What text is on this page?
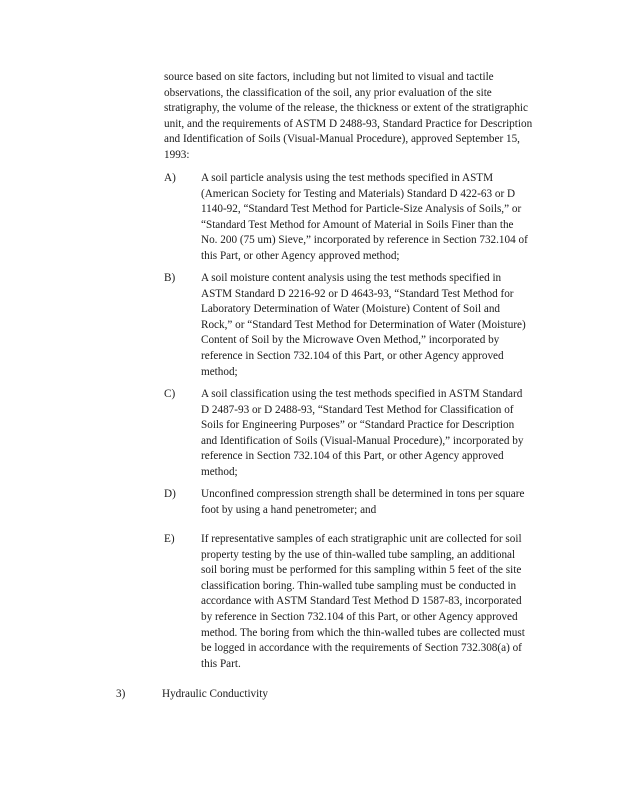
source based on site factors, including but not limited to visual and tactile observations, the classification of the soil, any prior evaluation of the site stratigraphy, the volume of the release, the thickness or extent of the stratigraphic unit, and the requirements of ASTM D 2488-93, Standard Practice for Description and Identification of Soils (Visual-Manual Procedure), approved September 15, 1993:

A)	A soil particle analysis using the test methods specified in ASTM (American Society for Testing and Materials) Standard D 422-63 or D 1140-92, “Standard Test Method for Particle-Size Analysis of Soils,” or “Standard Test Method for Amount of Material in Soils Finer than the No. 200 (75 um) Sieve,” incorporated by reference in Section 732.104 of this Part, or other Agency approved method;
B)	A soil moisture content analysis using the test methods specified in ASTM Standard D 2216-92 or D 4643-93, “Standard Test Method for Laboratory Determination of Water (Moisture) Content of Soil and Rock,” or “Standard Test Method for Determination of Water (Moisture) Content of Soil by the Microwave Oven Method,” incorporated by reference in Section 732.104 of this Part, or other Agency approved method;
C)	A soil classification using the test methods specified in ASTM Standard D 2487-93 or D 2488-93, “Standard Test Method for Classification of Soils for Engineering Purposes” or “Standard Practice for Description and Identification of Soils (Visual-Manual Procedure),” incorporated by reference in Section 732.104 of this Part, or other Agency approved method;
D)	Unconfined compression strength shall be determined in tons per square foot by using a hand penetrometer; and
E)	If representative samples of each stratigraphic unit are collected for soil property testing by the use of thin-walled tube sampling, an additional soil boring must be performed for this sampling within 5 feet of the site classification boring. Thin-walled tube sampling must be conducted in accordance with ASTM Standard Test Method D 1587-83, incorporated by reference in Section 732.104 of this Part, or other Agency approved method. The boring from which the thin-walled tubes are collected must be logged in accordance with the requirements of Section 732.308(a) of this Part.
3)	Hydraulic Conductivity
